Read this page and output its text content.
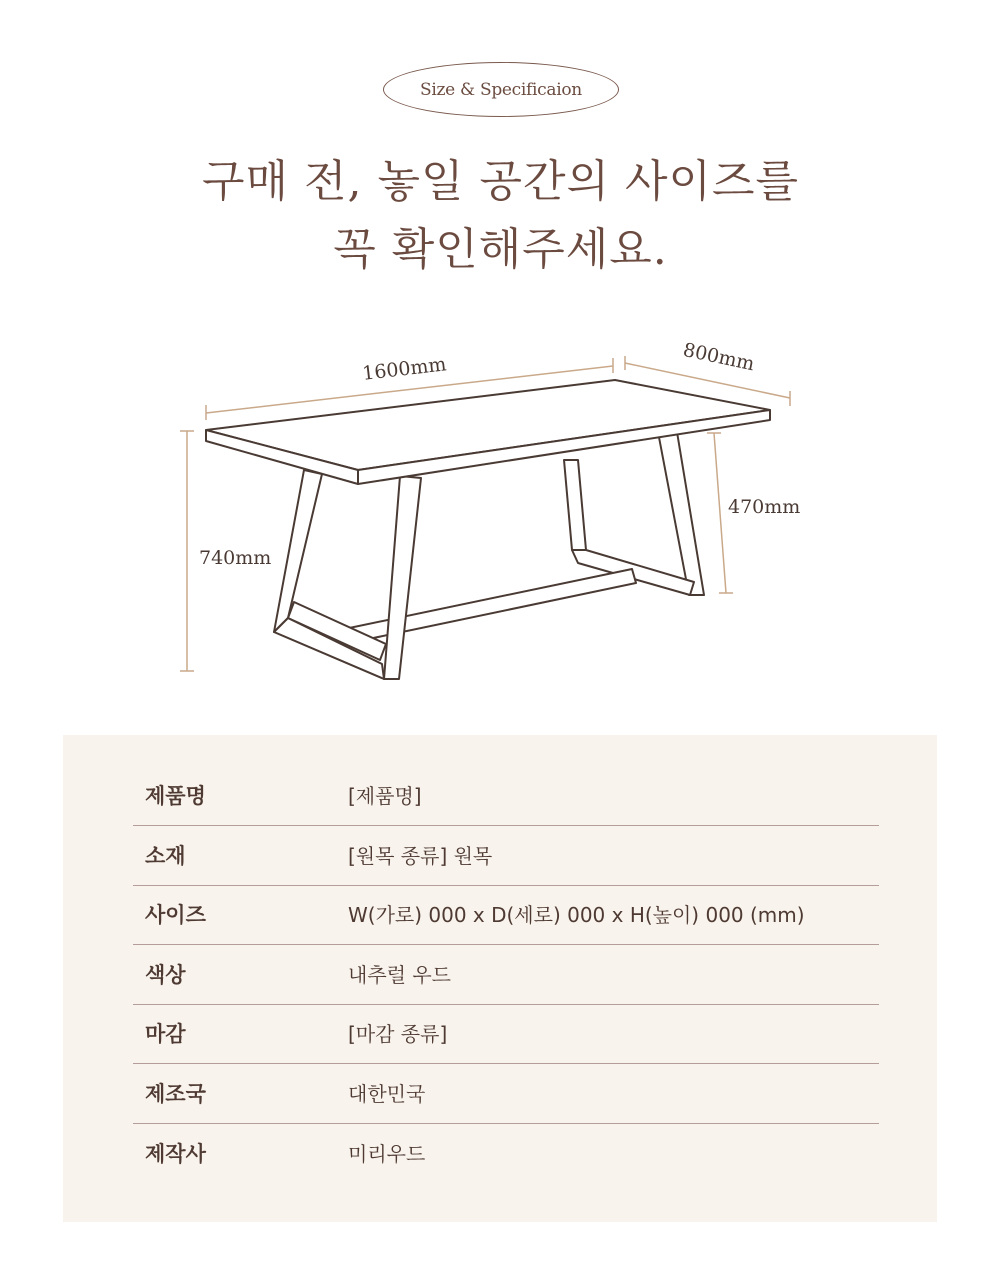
Size & Specificaion
구매 전, 놓일 공간의 사이즈를
꼭 확인해주세요.
1600mm	800mm
470mm
740mm
제품명	[제품명]
소재	[원목 종류] 원목
사이즈	W(가로) 000 x D(세로) 000 x H(높이) 000 (mm)
색상	내추럴 우드
마감	[마감 종류]
제조국	대한민국
제작사	미리우드
